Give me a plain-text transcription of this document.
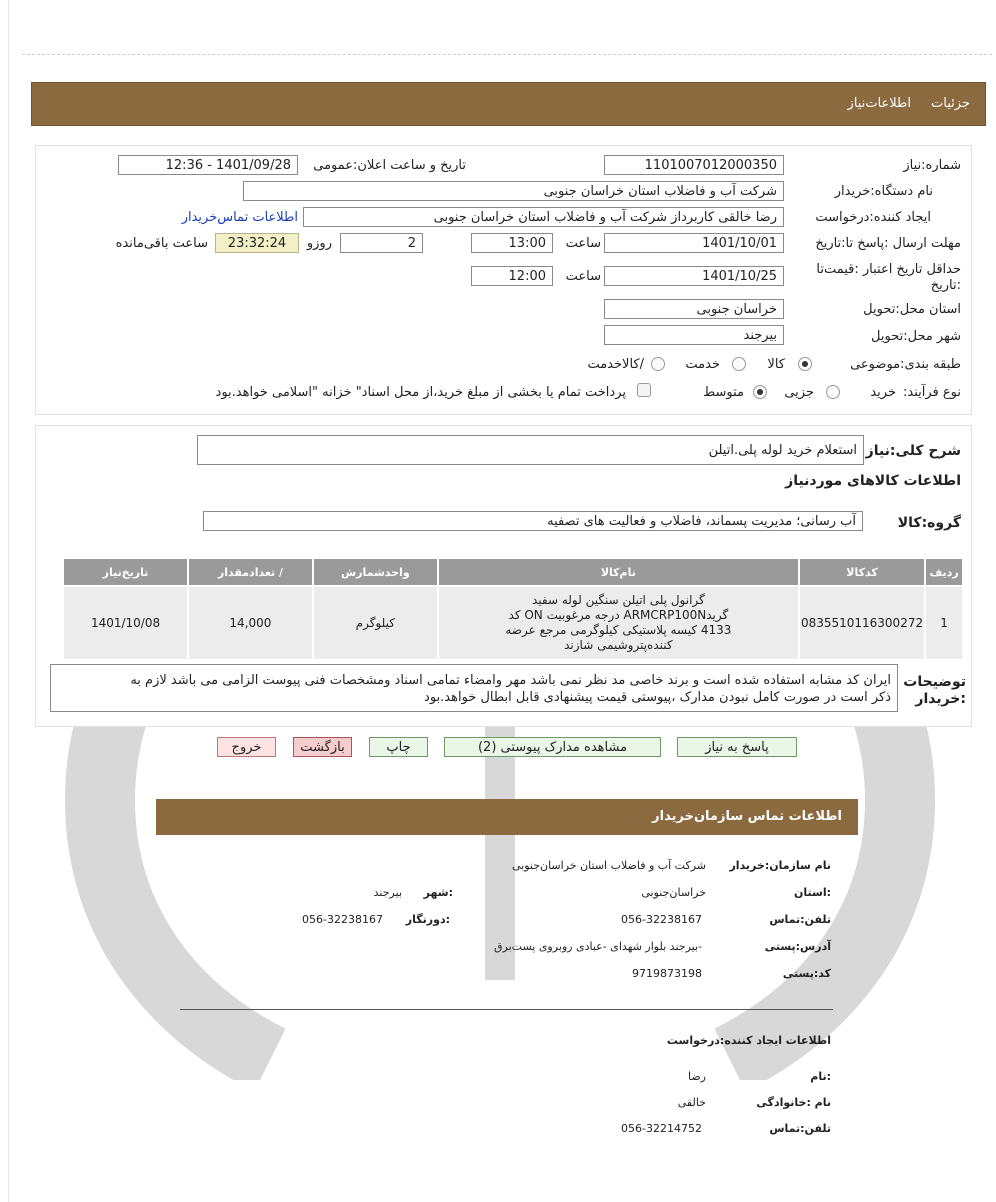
جزئیات
اطلاعات‌نیاز
شماره:نیاز
1101007012000350
تاریخ و ساعت اعلان:عمومی
12:36 - 1401/09/28
نام دستگاه:خریدار
شرکت آب و فاضلاب استان خراسان جنوبی
ایجاد کننده:درخواست
رضا خالقی کاربرداز شرکت آب و فاضلاب استان خراسان جنوبی
اطلاعات تماس‌خریدار
مهلت ارسال :پاسخ تا:تاریخ
1401/10/01
ساعت
13:00
2
روزو
23:32:24
ساعت باقی‌مانده
حداقل تاریخ اعتبار :قیمت‌تا
:تاریخ
1401/10/25
ساعت
12:00
استان محل:تحویل
خراسان جنوبی
شهر محل:تحویل
بیرجند
طبقه بندی:موضوعی
کالا
خدمت
/کالاخدمت
نوع فرآیند:
خرید
جزیی
متوسط
پرداخت تمام یا بخشی از مبلغ خرید،از محل اسناد" خزانه "اسلامی خواهد.بود
شرح کلی:نیاز
استعلام خرید لوله پلی.اتیلن
اطلاعات کالاهای موردنیاز
گروه:کالا
آب رسانی؛ مدیریت پسماند، فاضلاب و فعالیت های تصفیه
ردیف	کدکالا	نام‌کالا	واحدشمارش	/ تعدادمقدار	تاریخ‌نیاز
1	0835510116300272	گرانول پلی اتیلن سنگین لوله سفید
گریدARMCRP100N درجه مرغوبیت ON کد
4133 کیسه پلاستیکی کیلوگرمی مرجع عرضه
کننده‌پتروشیمی شازند	کیلوگرم	14,000	1401/10/08
توضیحات
:خریدار
ایران کد مشابه استفاده شده است و برند خاصی مد نظر نمی باشد مهر وامضاء تمامی اسناد ومشخصات فنی پیوست الزامی می باشد لازم به
ذکر است در صورت کامل نبودن مدارک ،پیوستی قیمت پیشنهادی قابل ابطال خواهد.بود
پاسخ به نیاز
مشاهده مدارک پیوستی (2)
چاپ
بازگشت
خروج
اطلاعات تماس سازمان‌خریدار
نام سازمان:خریدار
شرکت آب و فاضلاب استان خراسان‌جنوبی
:استان
خراسان‌جنوبی
:شهر
بیرجند
تلفن:تماس
056-32238167
:دورنگار
056-32238167
آدرس:پستی
-بیرجند بلوار شهدای -عبادی روبروی پست‌برق
کد:پستی
9719873198
اطلاعات ایجاد کننده:درخواست
:نام
رضا
نام :خانوادگی
خالقی
تلفن:تماس
056-32214752
